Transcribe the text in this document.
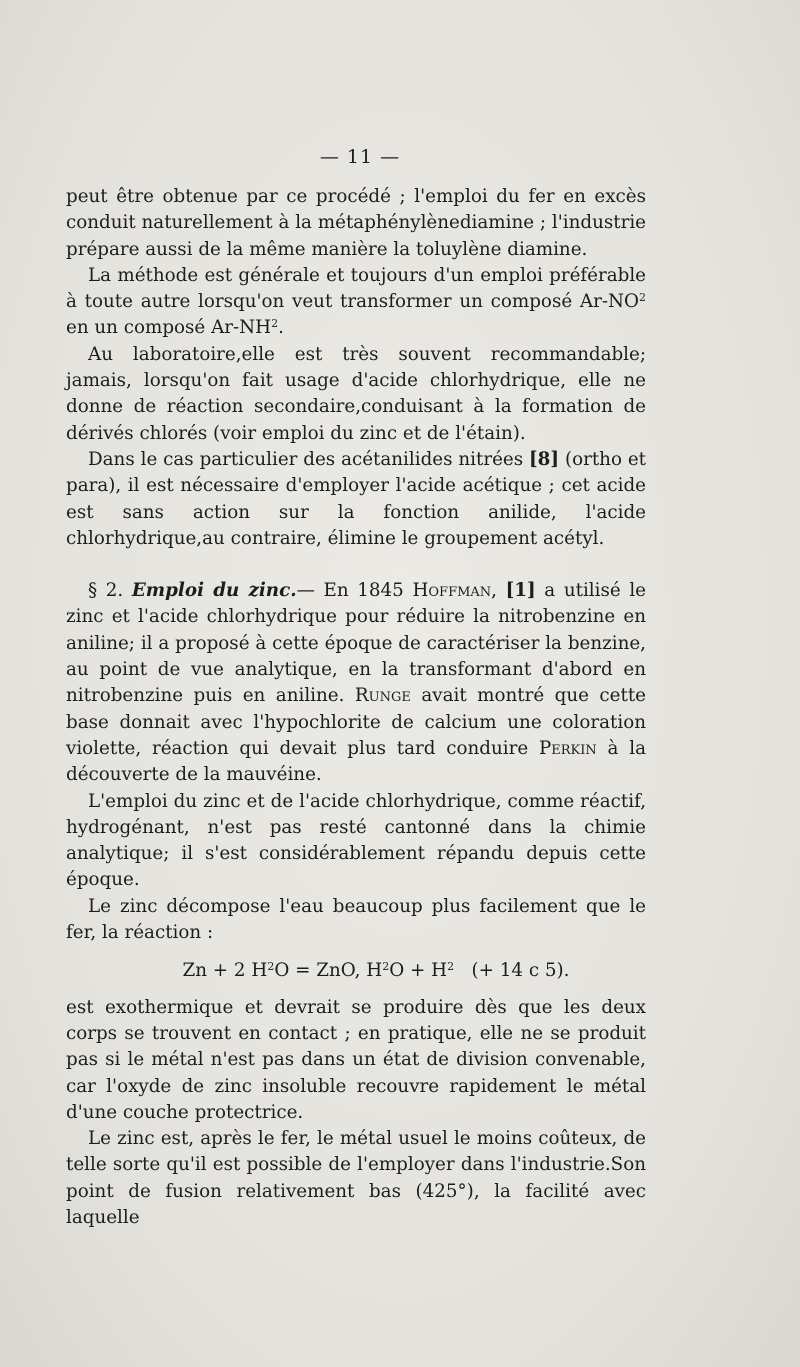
— 11 —

peut être obtenue par ce procédé ; l'emploi du fer en excès conduit naturellement à la métaphénylènediamine ; l'industrie prépare aussi de la même manière la toluylène diamine.

La méthode est générale et toujours d'un emploi préférable à toute autre lorsqu'on veut transformer un composé $Ar-NO^2$ en un composé $Ar-NH^2$.

Au laboratoire,elle est très souvent recommandable; jamais, lorsqu'on fait usage d'acide chlorhydrique, elle ne donne de réaction secondaire,conduisant à la formation de dérivés chlorés (voir emploi du zinc et de l'étain).

Dans le cas particulier des acétanilides nitrées [8] (ortho et para), il est nécessaire d'employer l'acide acétique ; cet acide est sans action sur la fonction anilide, l'acide chlorhydrique,au contraire, élimine le groupement acétyl.

§ 2. Emploi du zinc.— En 1845 Hoffman, [1] a utilisé le zinc et l'acide chlorhydrique pour réduire la nitrobenzine en aniline; il a proposé à cette époque de caractériser la benzine, au point de vue analytique, en la transformant d'abord en nitrobenzine puis en aniline. Runge avait montré que cette base donnait avec l'hypochlorite de calcium une coloration violette, réaction qui devait plus tard conduire Perkin à la découverte de la mauvéine.

L'emploi du zinc et de l'acide chlorhydrique, comme réactif, hydrogénant, n'est pas resté cantonné dans la chimie analytique; il s'est considérablement répandu depuis cette époque.

Le zinc décompose l'eau beaucoup plus facilement que le fer, la réaction :

Zn + 2 $H^2O$ = ZnO, $H^2O + H^2$   (+ 14 c 5).

est exothermique et devrait se produire dès que les deux corps se trouvent en contact ; en pratique, elle ne se produit pas si le métal n'est pas dans un état de division convenable, car l'oxyde de zinc insoluble recouvre rapidement le métal d'une couche protectrice.

Le zinc est, après le fer, le métal usuel le moins coûteux, de telle sorte qu'il est possible de l'employer dans l'industrie.Son point de fusion relativement bas (425°), la facilité avec laquelle
